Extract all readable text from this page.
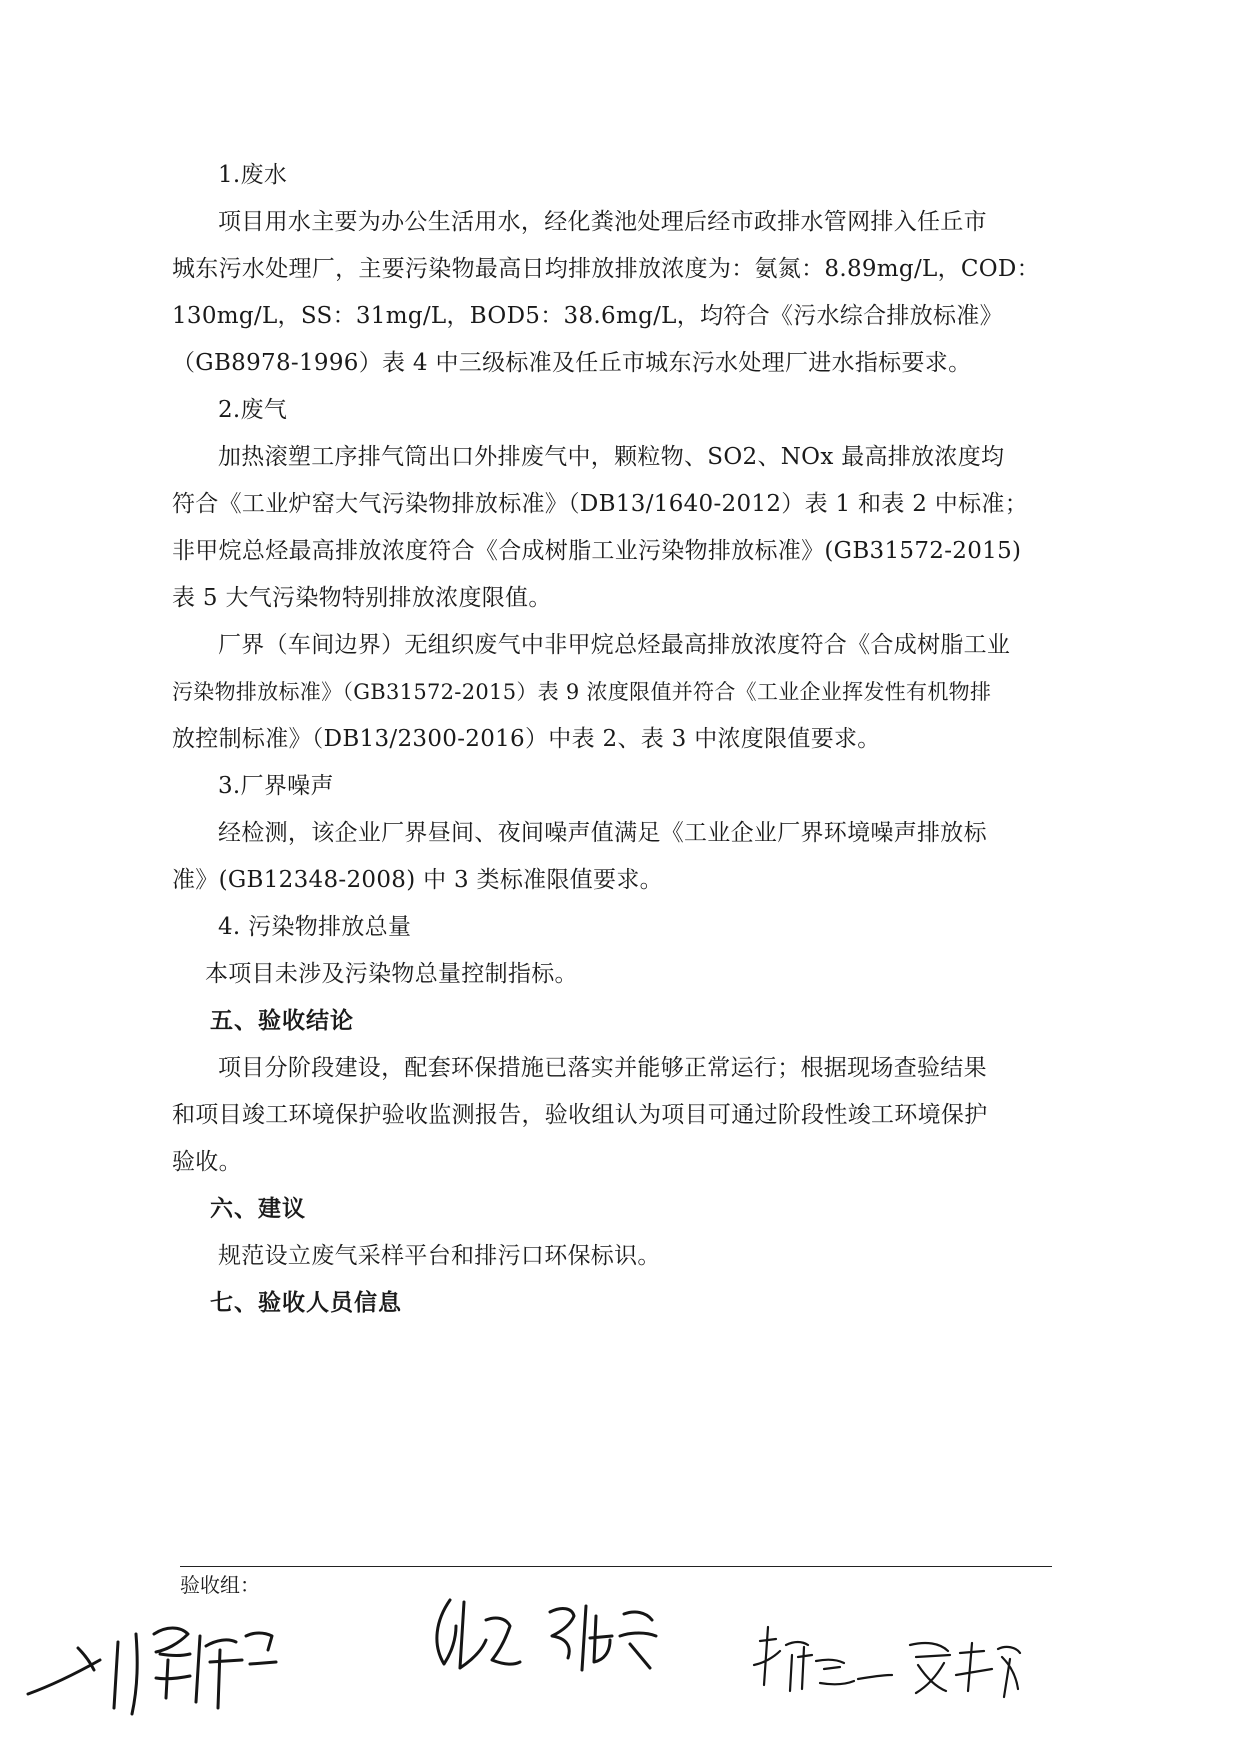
1.废水
项目用水主要为办公生活用水，经化粪池处理后经市政排水管网排入任丘市
城东污水处理厂，主要污染物最高日均排放排放浓度为：氨氮：8.89mg/L，COD：
130mg/L，SS：31mg/L，BOD5：38.6mg/L，均符合《污水综合排放标准》
（GB8978-1996）表 4 中三级标准及任丘市城东污水处理厂进水指标要求。
2.废气
加热滚塑工序排气筒出口外排废气中，颗粒物、SO2、NOx 最高排放浓度均
符合《工业炉窑大气污染物排放标准》（DB13/1640-2012）表 1 和表 2 中标准；
非甲烷总烃最高排放浓度符合《合成树脂工业污染物排放标准》(GB31572-2015)
表 5 大气污染物特别排放浓度限值。
厂界（车间边界）无组织废气中非甲烷总烃最高排放浓度符合《合成树脂工业
污染物排放标准》（GB31572-2015）表 9 浓度限值并符合《工业企业挥发性有机物排
放控制标准》（DB13/2300-2016）中表 2、表 3 中浓度限值要求。
3.厂界噪声
经检测，该企业厂界昼间、夜间噪声值满足《工业企业厂界环境噪声排放标
准》(GB12348-2008) 中 3 类标准限值要求。
4. 污染物排放总量
本项目未涉及污染物总量控制指标。
五、验收结论
项目分阶段建设，配套环保措施已落实并能够正常运行；根据现场查验结果
和项目竣工环境保护验收监测报告，验收组认为项目可通过阶段性竣工环境保护
验收。
六、建议
规范设立废气采样平台和排污口环保标识。
七、验收人员信息
验收组：
